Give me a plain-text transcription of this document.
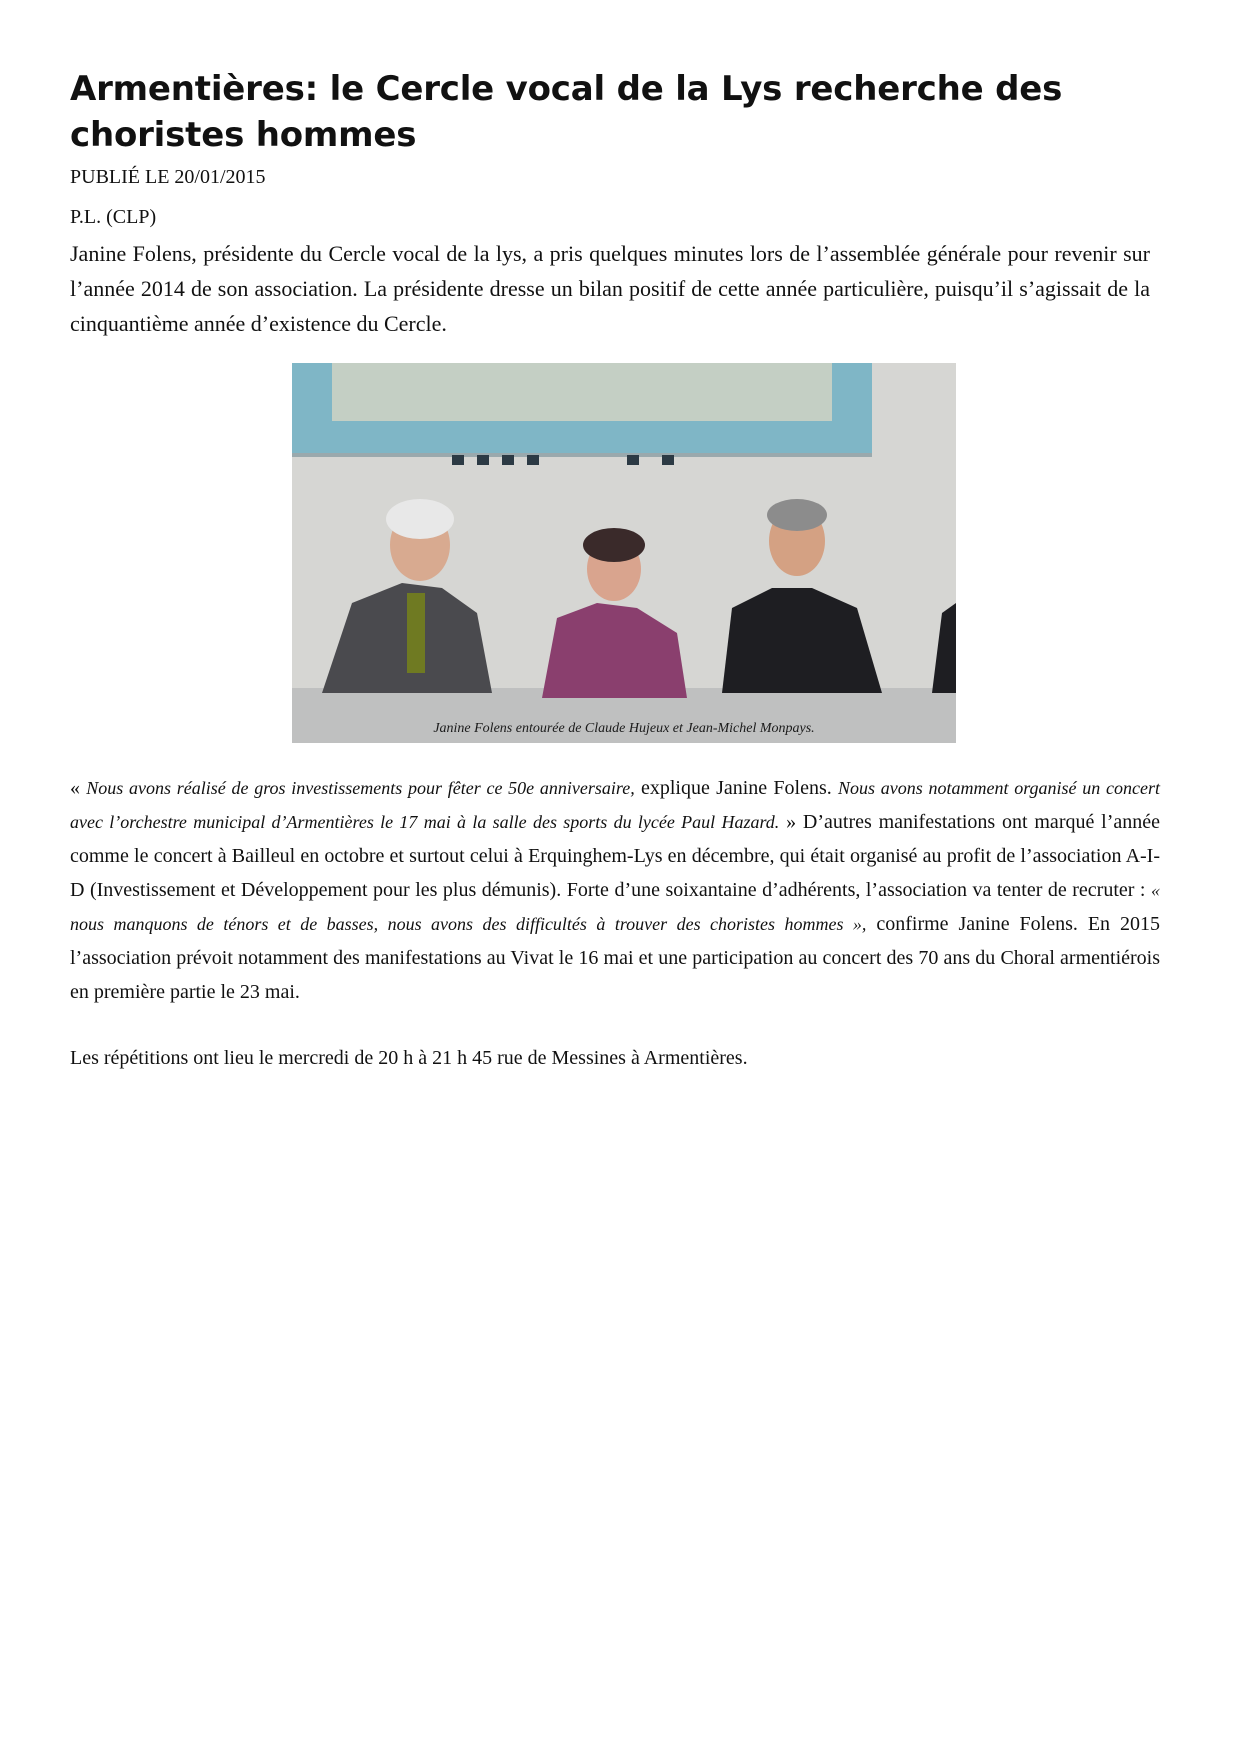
Armentières: le Cercle vocal de la Lys recherche des choristes hommes
PUBLIÉ LE 20/01/2015
P.L. (CLP)
Janine Folens, présidente du Cercle vocal de la lys, a pris quelques minutes lors de l’assemblée générale pour revenir sur l’année 2014 de son association. La présidente dresse un bilan positif de cette année particulière, puisqu’il s’agissait de la cinquantième année d’existence du Cercle.
Janine Folens entourée de Claude Hujeux et Jean-Michel Monpays.
« Nous avons réalisé de gros investissements pour fêter ce 50e anniversaire, explique Janine Folens. Nous avons notamment organisé un concert avec l’orchestre municipal d’Armentières le 17 mai à la salle des sports du lycée Paul Hazard. » D’autres manifestations ont marqué l’année comme le concert à Bailleul en octobre et surtout celui à Erquinghem-Lys en décembre, qui était organisé au profit de l’association A-I-D (Investissement et Développement pour les plus démunis). Forte d’une soixantaine d’adhérents, l’association va tenter de recruter : « nous manquons de ténors et de basses, nous avons des difficultés à trouver des choristes hommes », confirme Janine Folens. En 2015 l’association prévoit notamment des manifestations au Vivat le 16 mai et une participation au concert des 70 ans du Choral armentiérois en première partie le 23 mai.
Les répétitions ont lieu le mercredi de 20 h à 21 h 45 rue de Messines à Armentières.
